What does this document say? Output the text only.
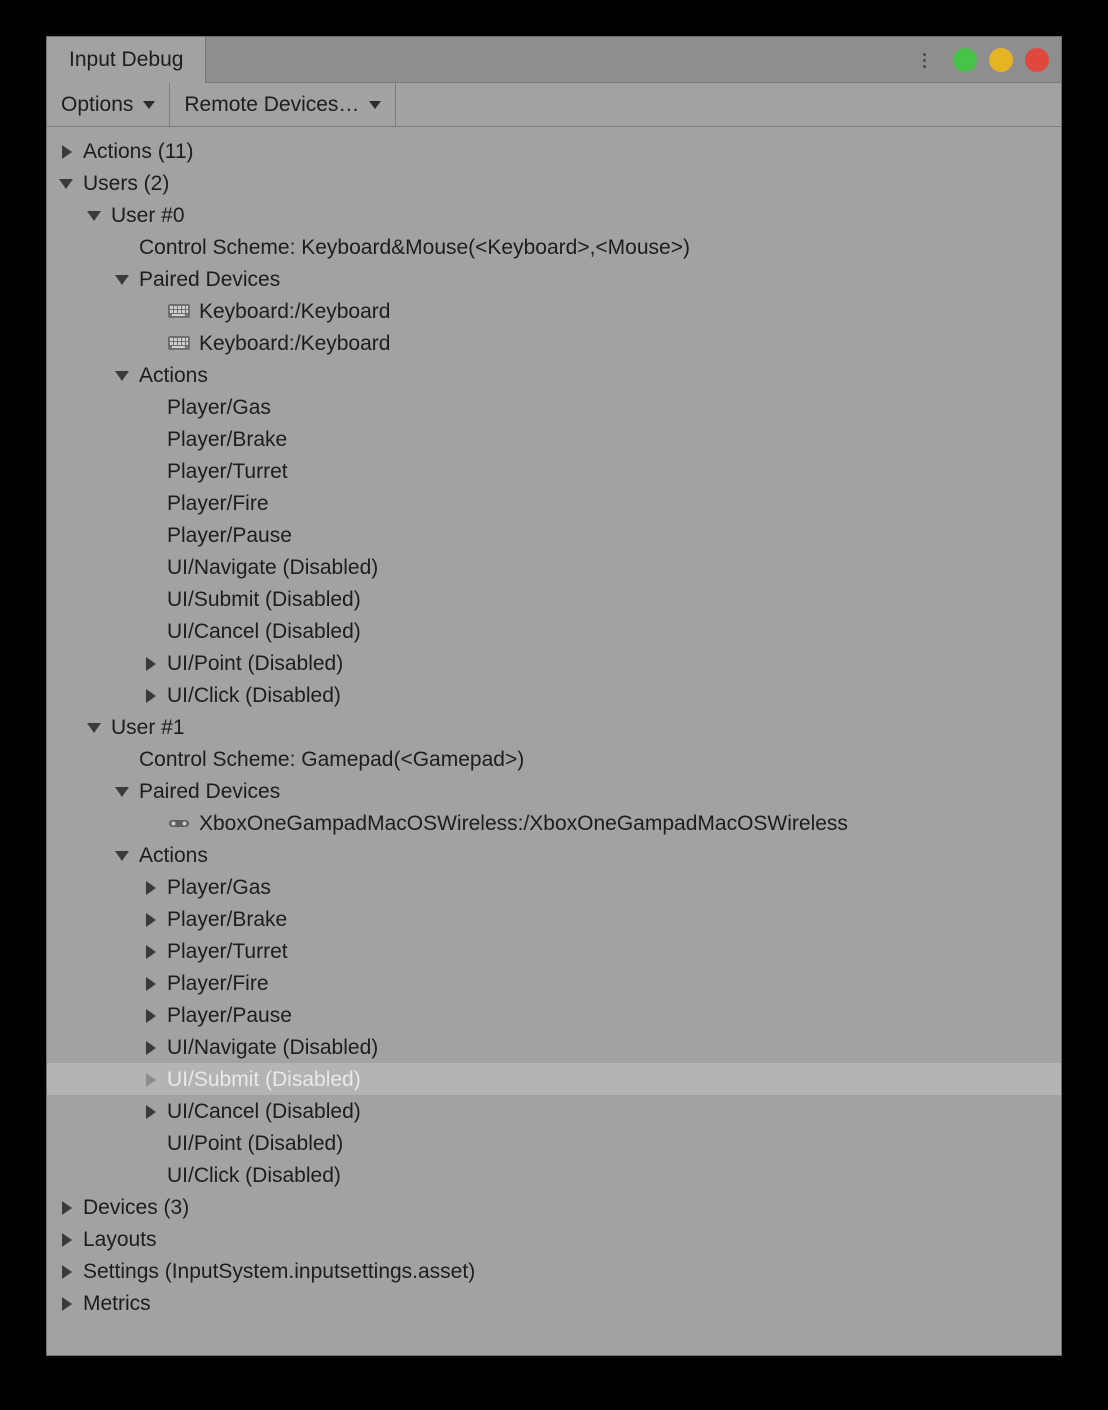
Input Debug
Options Remote Devices…
Actions (11)
Users (2)
User #0
Control Scheme: Keyboard&Mouse(<Keyboard>,<Mouse>)
Paired Devices
Keyboard:/Keyboard
Keyboard:/Keyboard
Actions
Player/Gas
Player/Brake
Player/Turret
Player/Fire
Player/Pause
UI/Navigate (Disabled)
UI/Submit (Disabled)
UI/Cancel (Disabled)
UI/Point (Disabled)
UI/Click (Disabled)
User #1
Control Scheme: Gamepad(<Gamepad>)
Paired Devices
XboxOneGampadMacOSWireless:/XboxOneGampadMacOSWireless
Actions
Player/Gas
Player/Brake
Player/Turret
Player/Fire
Player/Pause
UI/Navigate (Disabled)
UI/Submit (Disabled)
UI/Cancel (Disabled)
UI/Point (Disabled)
UI/Click (Disabled)
Devices (3)
Layouts
Settings (InputSystem.inputsettings.asset)
Metrics
